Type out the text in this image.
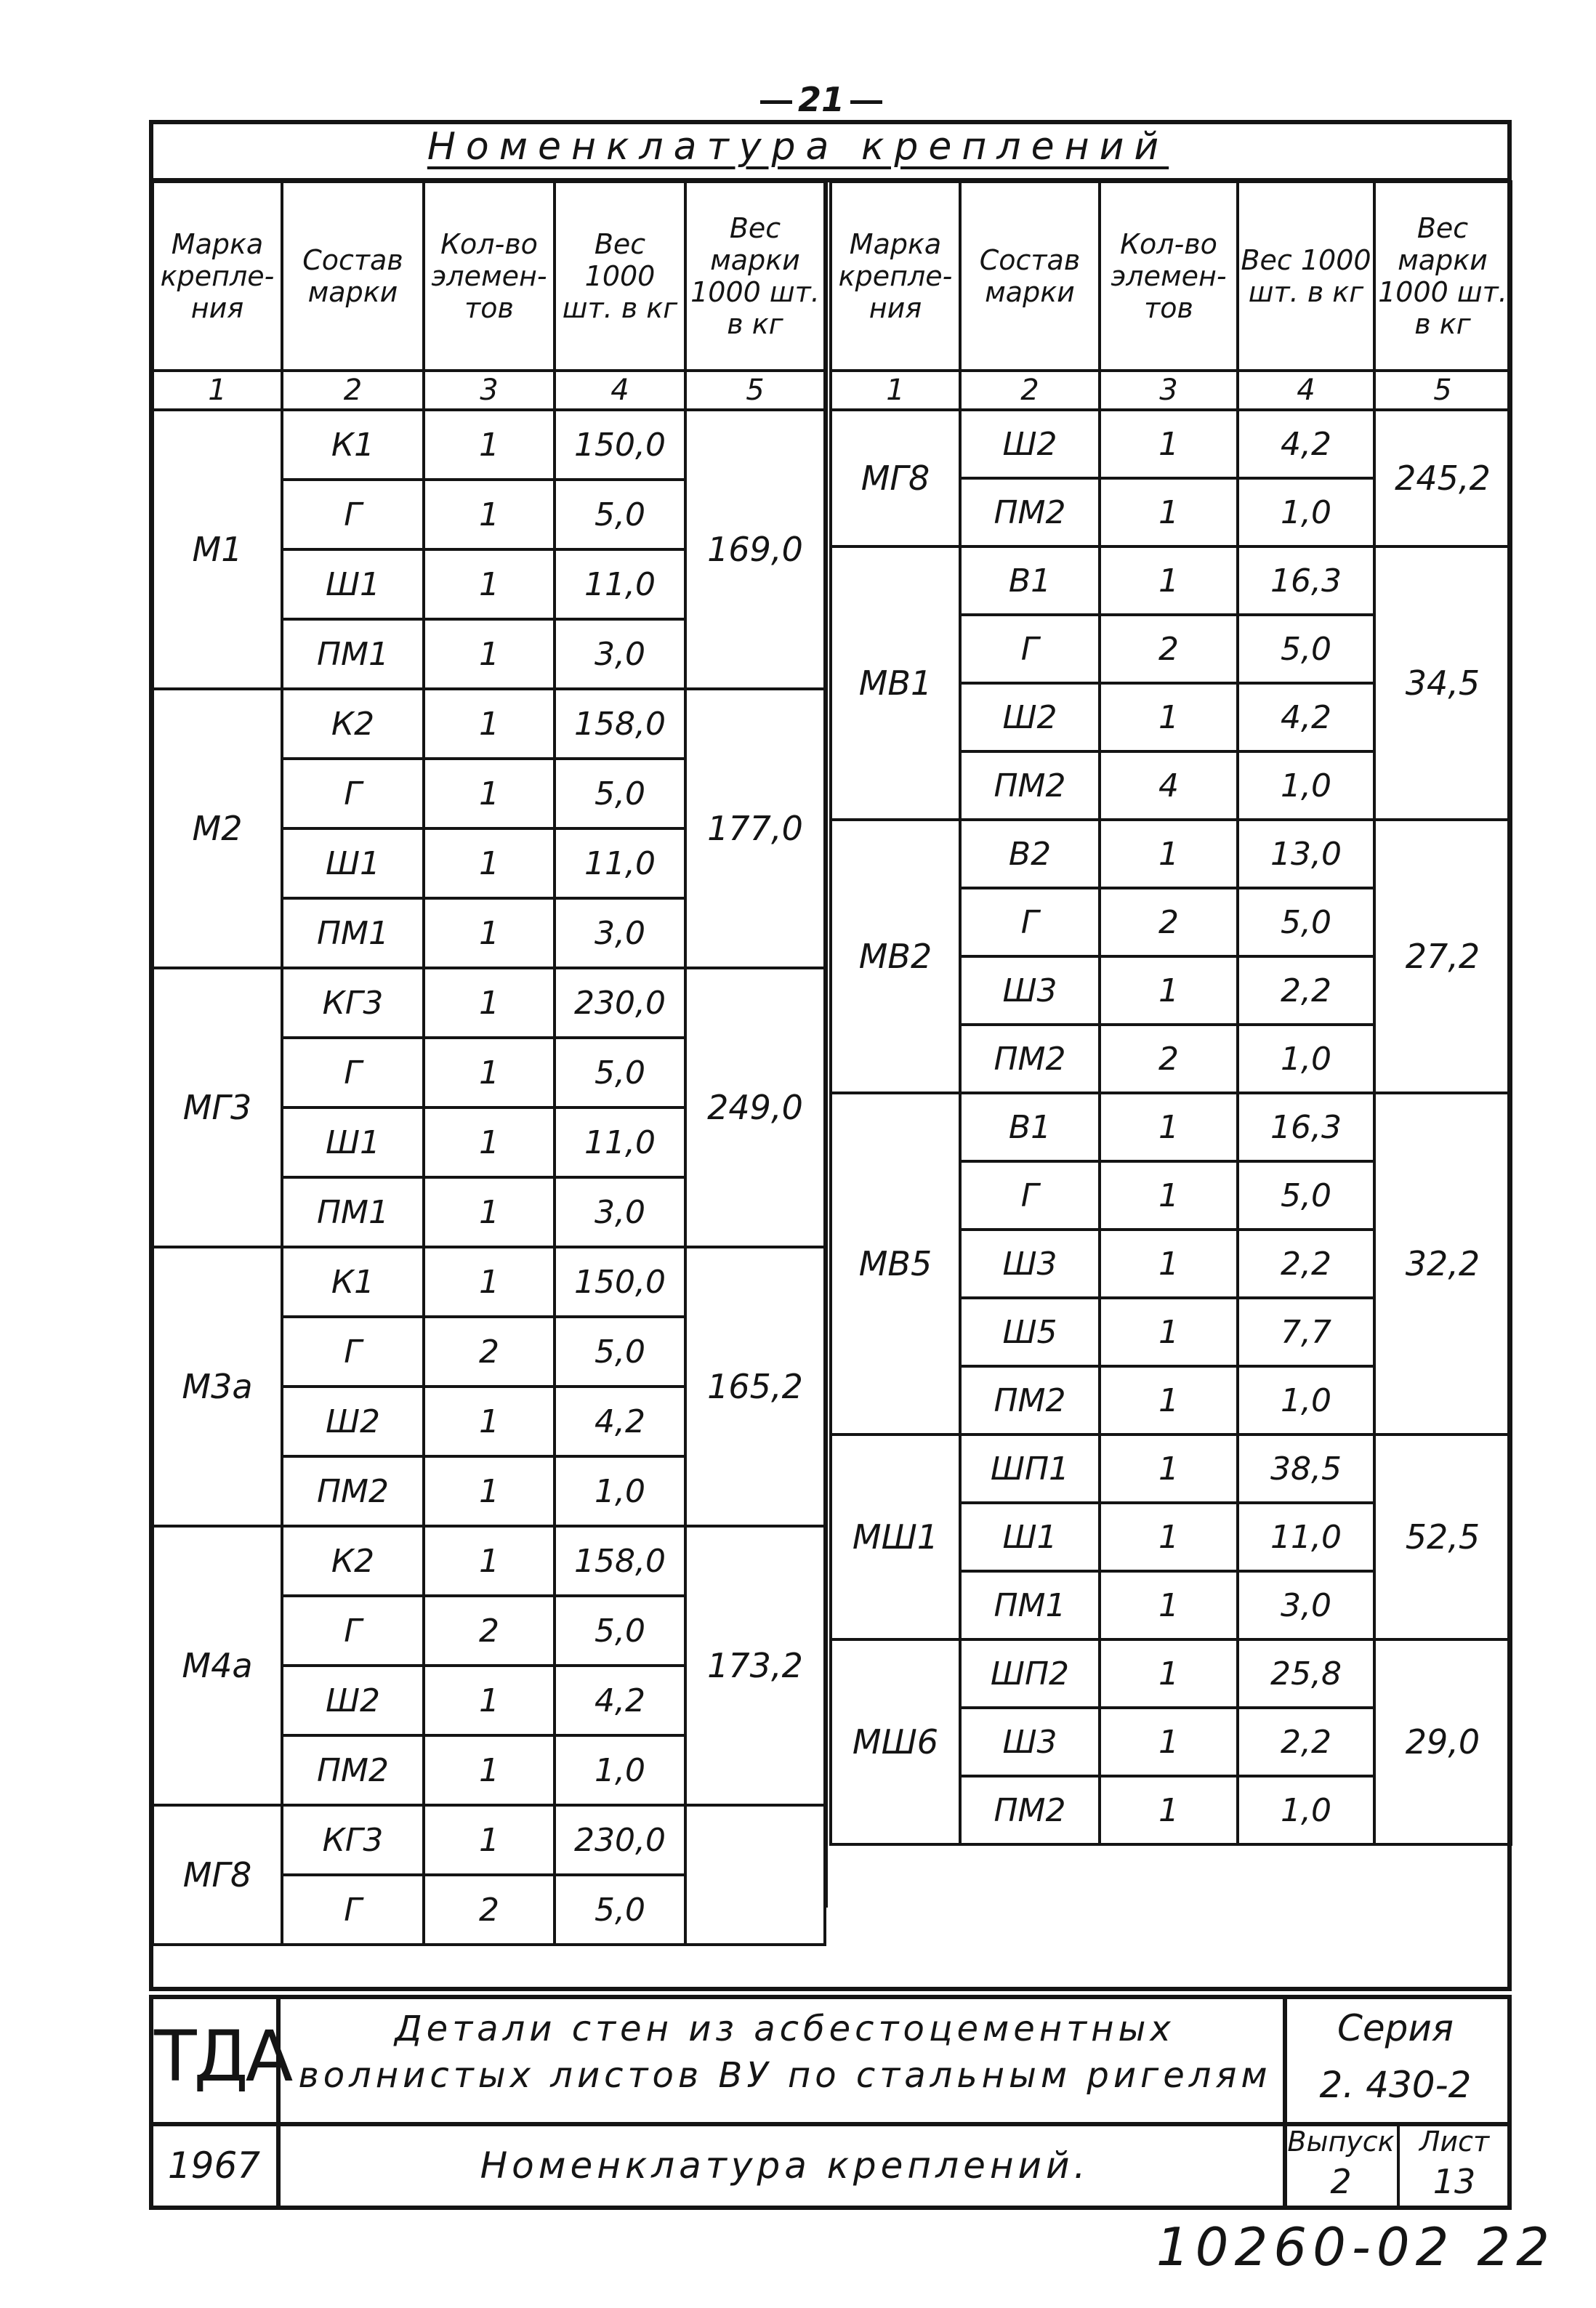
21
Номенклатура креплений
Марка крепле- ния	Состав марки	Кол-во элемен- тов	Вес 1000 шт. в кг	Вес марки 1000 шт. в кг
1	2	3	4	5
М1	К1	1	150,0	169,0
	Г	1	5,0	
	Ш1	1	11,0	
	ПМ1	1	3,0	
М2	К2	1	158,0	177,0
	Г	1	5,0	
	Ш1	1	11,0	
	ПМ1	1	3,0	
МГ3	КГ3	1	230,0	249,0
	Г	1	5,0	
	Ш1	1	11,0	
	ПМ1	1	3,0	
М3а	К1	1	150,0	165,2
	Г	2	5,0	
	Ш2	1	4,2	
	ПМ2	1	1,0	
М4а	К2	1	158,0	173,2
	Г	2	5,0	
	Ш2	1	4,2	
	ПМ2	1	1,0	
МГ8	КГ3	1	230,0	
	Г	2	5,0	
Марка крепле- ния	Состав марки	Кол-во элемен- тов	Вес 1000 шт. в кг	Вес марки 1000 шт. в кг
1	2	3	4	5
МГ8	Ш2	1	4,2	245,2
	ПМ2	1	1,0	
МВ1	В1	1	16,3	34,5
	Г	2	5,0	
	Ш2	1	4,2	
	ПМ2	4	1,0	
МВ2	В2	1	13,0	27,2
	Г	2	5,0	
	Ш3	1	2,2	
	ПМ2	2	1,0	
МВ5	В1	1	16,3	32,2
	Г	1	5,0	
	Ш3	1	2,2	
	Ш5	1	7,7	
	ПМ2	1	1,0	
МШ1	ШП1	1	38,5	52,5
	Ш1	1	11,0	
	ПМ1	1	3,0	
МШ6	ШП2	1	25,8	29,0
	Ш3	1	2,2	
	ПМ2	1	1,0	
ТДА
1967
Детали стен из асбестоцементных
волнистых листов ВУ по стальным ригелям
Номенклатура креплений.
Серия
2. 430-2
Выпуск
2
Лист
13
10260-02 22
